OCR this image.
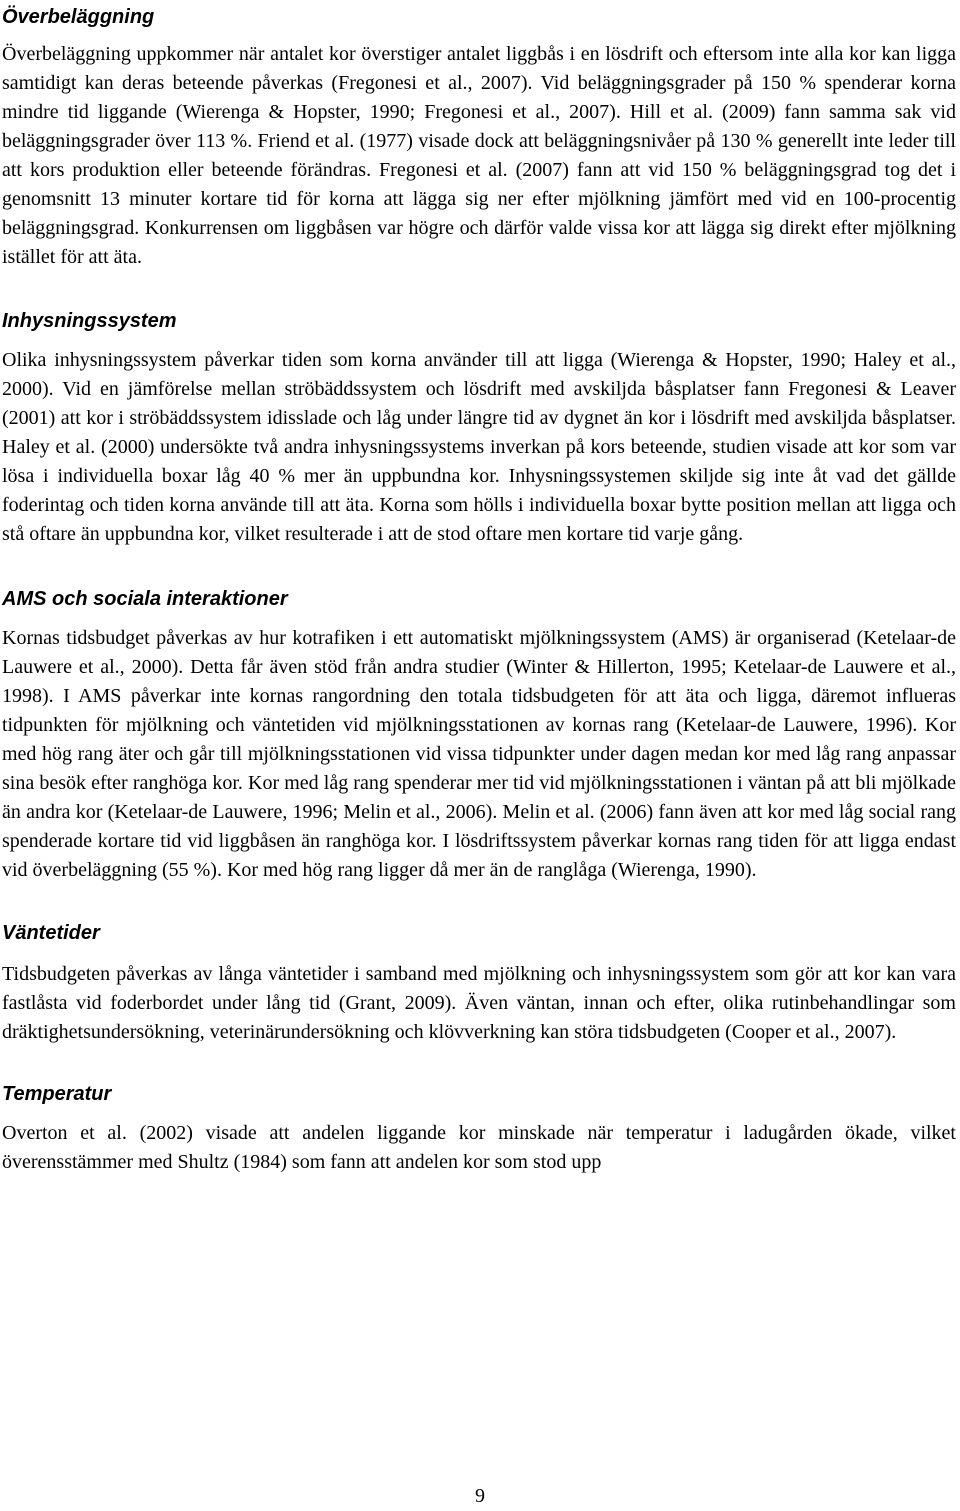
Överbeläggning

Överbeläggning uppkommer när antalet kor överstiger antalet liggbås i en lösdrift och eftersom inte alla kor kan ligga samtidigt kan deras beteende påverkas (Fregonesi et al., 2007). Vid beläggningsgrader på 150 % spenderar korna mindre tid liggande (Wierenga & Hopster, 1990; Fregonesi et al., 2007). Hill et al. (2009) fann samma sak vid beläggningsgrader över 113 %. Friend et al. (1977) visade dock att beläggningsnivåer på 130 % generellt inte leder till att kors produktion eller beteende förändras. Fregonesi et al. (2007) fann att vid 150 % beläggningsgrad tog det i genomsnitt 13 minuter kortare tid för korna att lägga sig ner efter mjölkning jämfört med vid en 100-procentig beläggningsgrad. Konkurrensen om liggbåsen var högre och därför valde vissa kor att lägga sig direkt efter mjölkning istället för att äta.

Inhysningssystem

Olika inhysningssystem påverkar tiden som korna använder till att ligga (Wierenga & Hopster, 1990; Haley et al., 2000). Vid en jämförelse mellan ströbäddssystem och lösdrift med avskiljda båsplatser fann Fregonesi & Leaver (2001) att kor i ströbäddssystem idisslade och låg under längre tid av dygnet än kor i lösdrift med avskiljda båsplatser. Haley et al. (2000) undersökte två andra inhysningssystems inverkan på kors beteende, studien visade att kor som var lösa i individuella boxar låg 40 % mer än uppbundna kor. Inhysningssystemen skiljde sig inte åt vad det gällde foderintag och tiden korna använde till att äta. Korna som hölls i individuella boxar bytte position mellan att ligga och stå oftare än uppbundna kor, vilket resulterade i att de stod oftare men kortare tid varje gång.

AMS och sociala interaktioner

Kornas tidsbudget påverkas av hur kotrafiken i ett automatiskt mjölkningssystem (AMS) är organiserad (Ketelaar-de Lauwere et al., 2000). Detta får även stöd från andra studier (Winter & Hillerton, 1995; Ketelaar-de Lauwere et al., 1998). I AMS påverkar inte kornas rangordning den totala tidsbudgeten för att äta och ligga, däremot influeras tidpunkten för mjölkning och väntetiden vid mjölkningsstationen av kornas rang (Ketelaar-de Lauwere, 1996). Kor med hög rang äter och går till mjölkningsstationen vid vissa tidpunkter under dagen medan kor med låg rang anpassar sina besök efter ranghöga kor. Kor med låg rang spenderar mer tid vid mjölkningsstationen i väntan på att bli mjölkade än andra kor (Ketelaar-de Lauwere, 1996; Melin et al., 2006). Melin et al. (2006) fann även att kor med låg social rang spenderade kortare tid vid liggbåsen än ranghöga kor. I lösdriftssystem påverkar kornas rang tiden för att ligga endast vid överbeläggning (55 %). Kor med hög rang ligger då mer än de ranglåga (Wierenga, 1990).

Väntetider

Tidsbudgeten påverkas av långa väntetider i samband med mjölkning och inhysningssystem som gör att kor kan vara fastlåsta vid foderbordet under lång tid (Grant, 2009). Även väntan, innan och efter, olika rutinbehandlingar som dräktighetsundersökning, veterinärundersökning och klövverkning kan störa tidsbudgeten (Cooper et al., 2007).

Temperatur

Overton et al. (2002) visade att andelen liggande kor minskade när temperatur i ladugården ökade, vilket överensstämmer med Shultz (1984) som fann att andelen kor som stod upp

9
